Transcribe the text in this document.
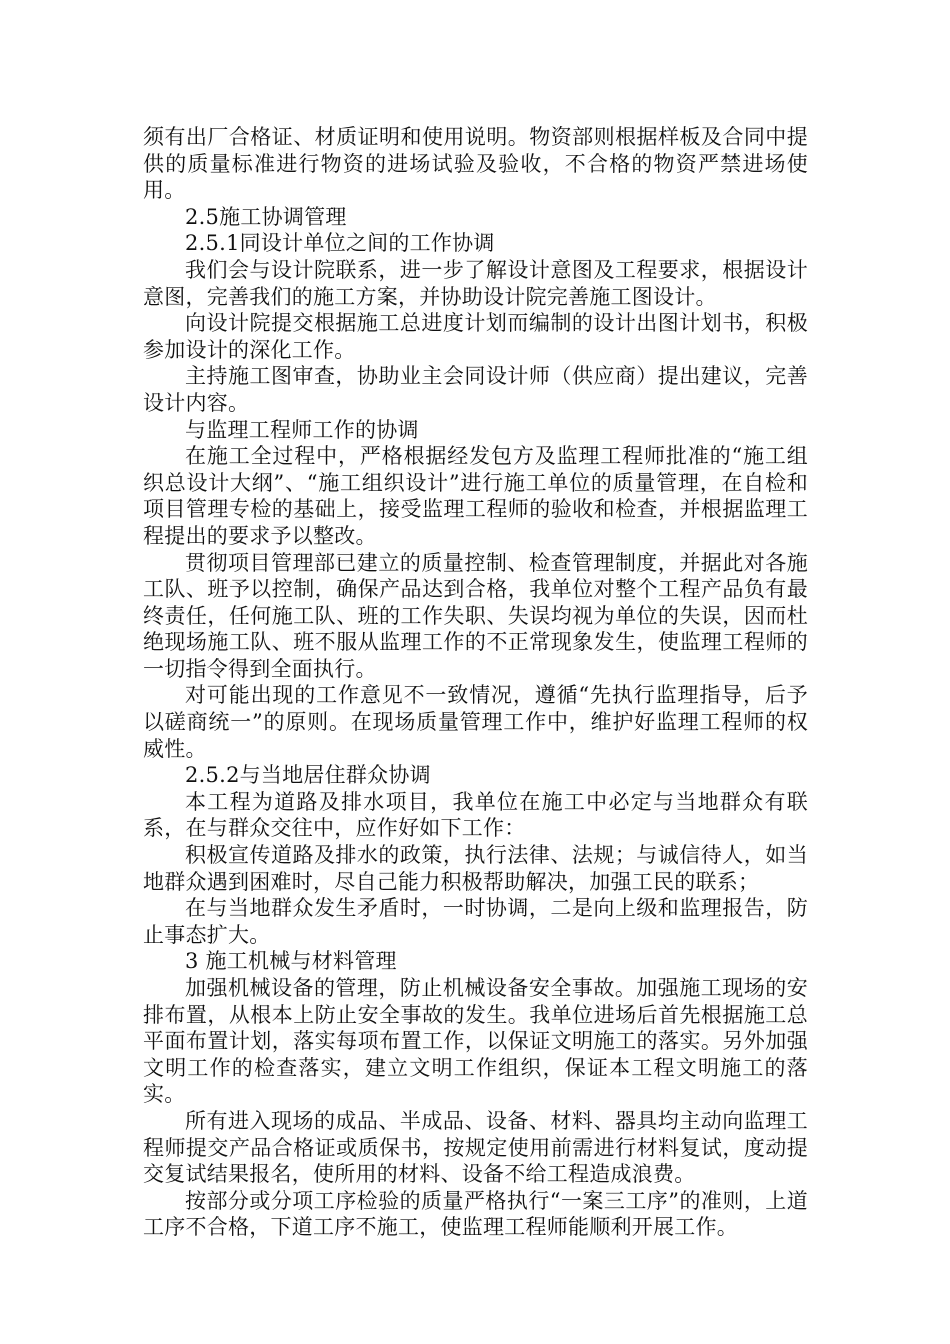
须有出厂合格证、材质证明和使用说明。物资部则根据样板及合同中提供的质量标准进行物资的进场试验及验收，不合格的物资严禁进场使用。

2.5施工协调管理

2.5.1同设计单位之间的工作协调

我们会与设计院联系，进一步了解设计意图及工程要求，根据设计意图，完善我们的施工方案，并协助设计院完善施工图设计。

向设计院提交根据施工总进度计划而编制的设计出图计划书，积极参加设计的深化工作。

主持施工图审查，协助业主会同设计师（供应商）提出建议，完善设计内容。

与监理工程师工作的协调

在施工全过程中，严格根据经发包方及监理工程师批准的“施工组织总设计大纲”、“施工组织设计”进行施工单位的质量管理，在自检和项目管理专检的基础上，接受监理工程师的验收和检查，并根据监理工程提出的要求予以整改。

贯彻项目管理部已建立的质量控制、检查管理制度，并据此对各施工队、班予以控制，确保产品达到合格，我单位对整个工程产品负有最终责任，任何施工队、班的工作失职、失误均视为单位的失误，因而杜绝现场施工队、班不服从监理工作的不正常现象发生，使监理工程师的一切指令得到全面执行。

对可能出现的工作意见不一致情况，遵循“先执行监理指导，后予以磋商统一”的原则。在现场质量管理工作中，维护好监理工程师的权威性。

2.5.2与当地居住群众协调

本工程为道路及排水项目，我单位在施工中必定与当地群众有联系，在与群众交往中，应作好如下工作：

积极宣传道路及排水的政策，执行法律、法规；与诚信待人，如当地群众遇到困难时，尽自己能力积极帮助解决，加强工民的联系；

在与当地群众发生矛盾时，一时协调，二是向上级和监理报告，防止事态扩大。

3 施工机械与材料管理

加强机械设备的管理，防止机械设备安全事故。加强施工现场的安排布置，从根本上防止安全事故的发生。我单位进场后首先根据施工总平面布置计划，落实每项布置工作，以保证文明施工的落实。另外加强文明工作的检查落实，建立文明工作组织，保证本工程文明施工的落实。

所有进入现场的成品、半成品、设备、材料、器具均主动向监理工程师提交产品合格证或质保书，按规定使用前需进行材料复试，度动提交复试结果报名，使所用的材料、设备不给工程造成浪费。

按部分或分项工序检验的质量严格执行“一案三工序”的准则，上道工序不合格，下道工序不施工，使监理工程师能顺利开展工作。
